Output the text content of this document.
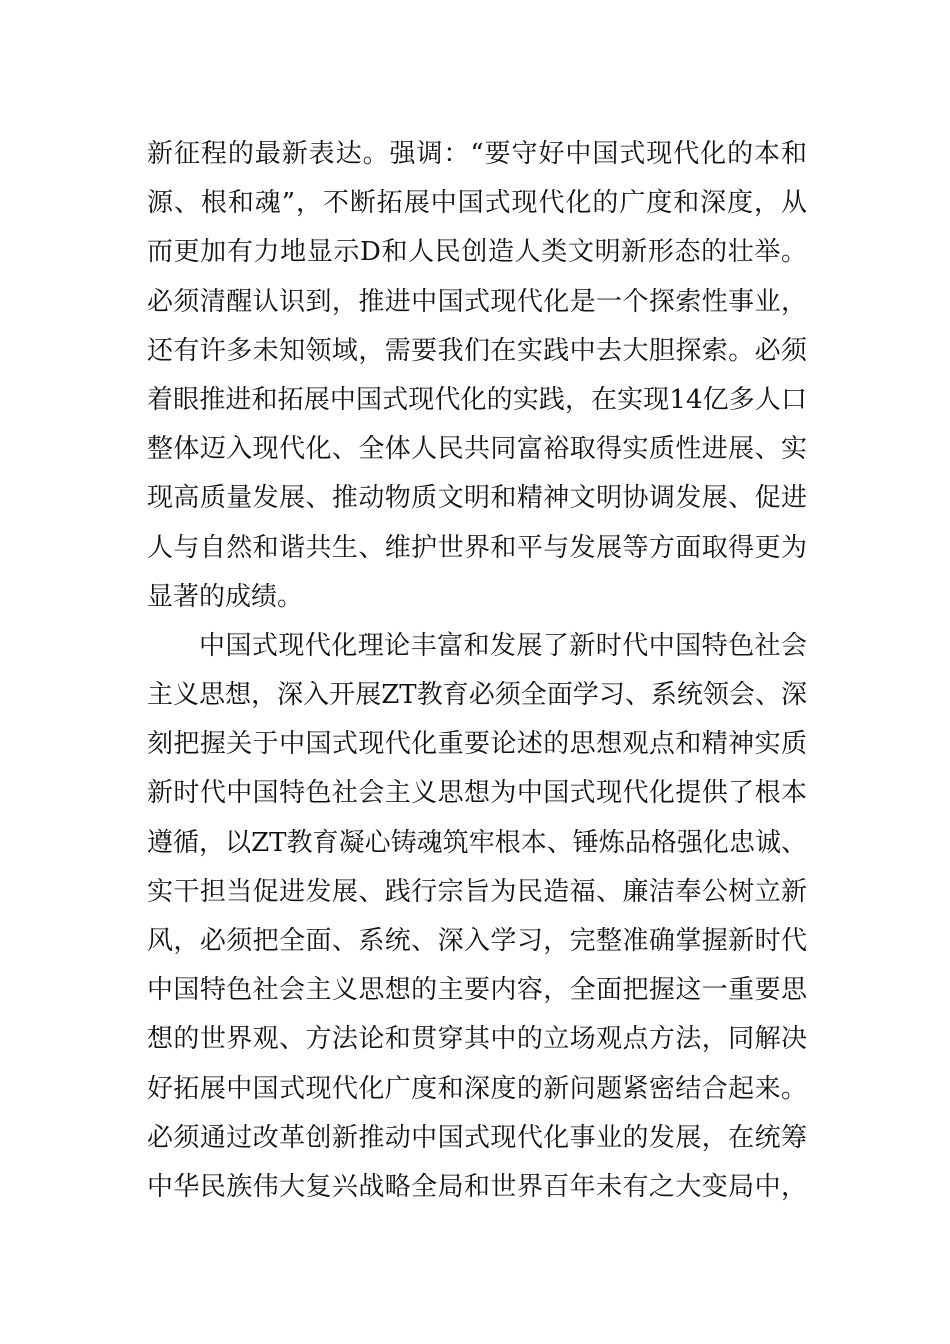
新征程的最新表达。强调：“要守好中国式现代化的本和
源、根和魂”，不断拓展中国式现代化的广度和深度，从
而更加有力地显示D和人民创造人类文明新形态的壮举。
必须清醒认识到，推进中国式现代化是一个探索性事业，
还有许多未知领域，需要我们在实践中去大胆探索。必须
着眼推进和拓展中国式现代化的实践，在实现14亿多人口
整体迈入现代化、全体人民共同富裕取得实质性进展、实
现高质量发展、推动物质文明和精神文明协调发展、促进
人与自然和谐共生、维护世界和平与发展等方面取得更为
显著的成绩。
中国式现代化理论丰富和发展了新时代中国特色社会
主义思想，深入开展ZT教育必须全面学习、系统领会、深
刻把握关于中国式现代化重要论述的思想观点和精神实质
新时代中国特色社会主义思想为中国式现代化提供了根本
遵循，以ZT教育凝心铸魂筑牢根本、锤炼品格强化忠诚、
实干担当促进发展、践行宗旨为民造福、廉洁奉公树立新
风，必须把全面、系统、深入学习，完整准确掌握新时代
中国特色社会主义思想的主要内容，全面把握这一重要思
想的世界观、方法论和贯穿其中的立场观点方法，同解决
好拓展中国式现代化广度和深度的新问题紧密结合起来。
必须通过改革创新推动中国式现代化事业的发展，在统筹
中华民族伟大复兴战略全局和世界百年未有之大变局中，
